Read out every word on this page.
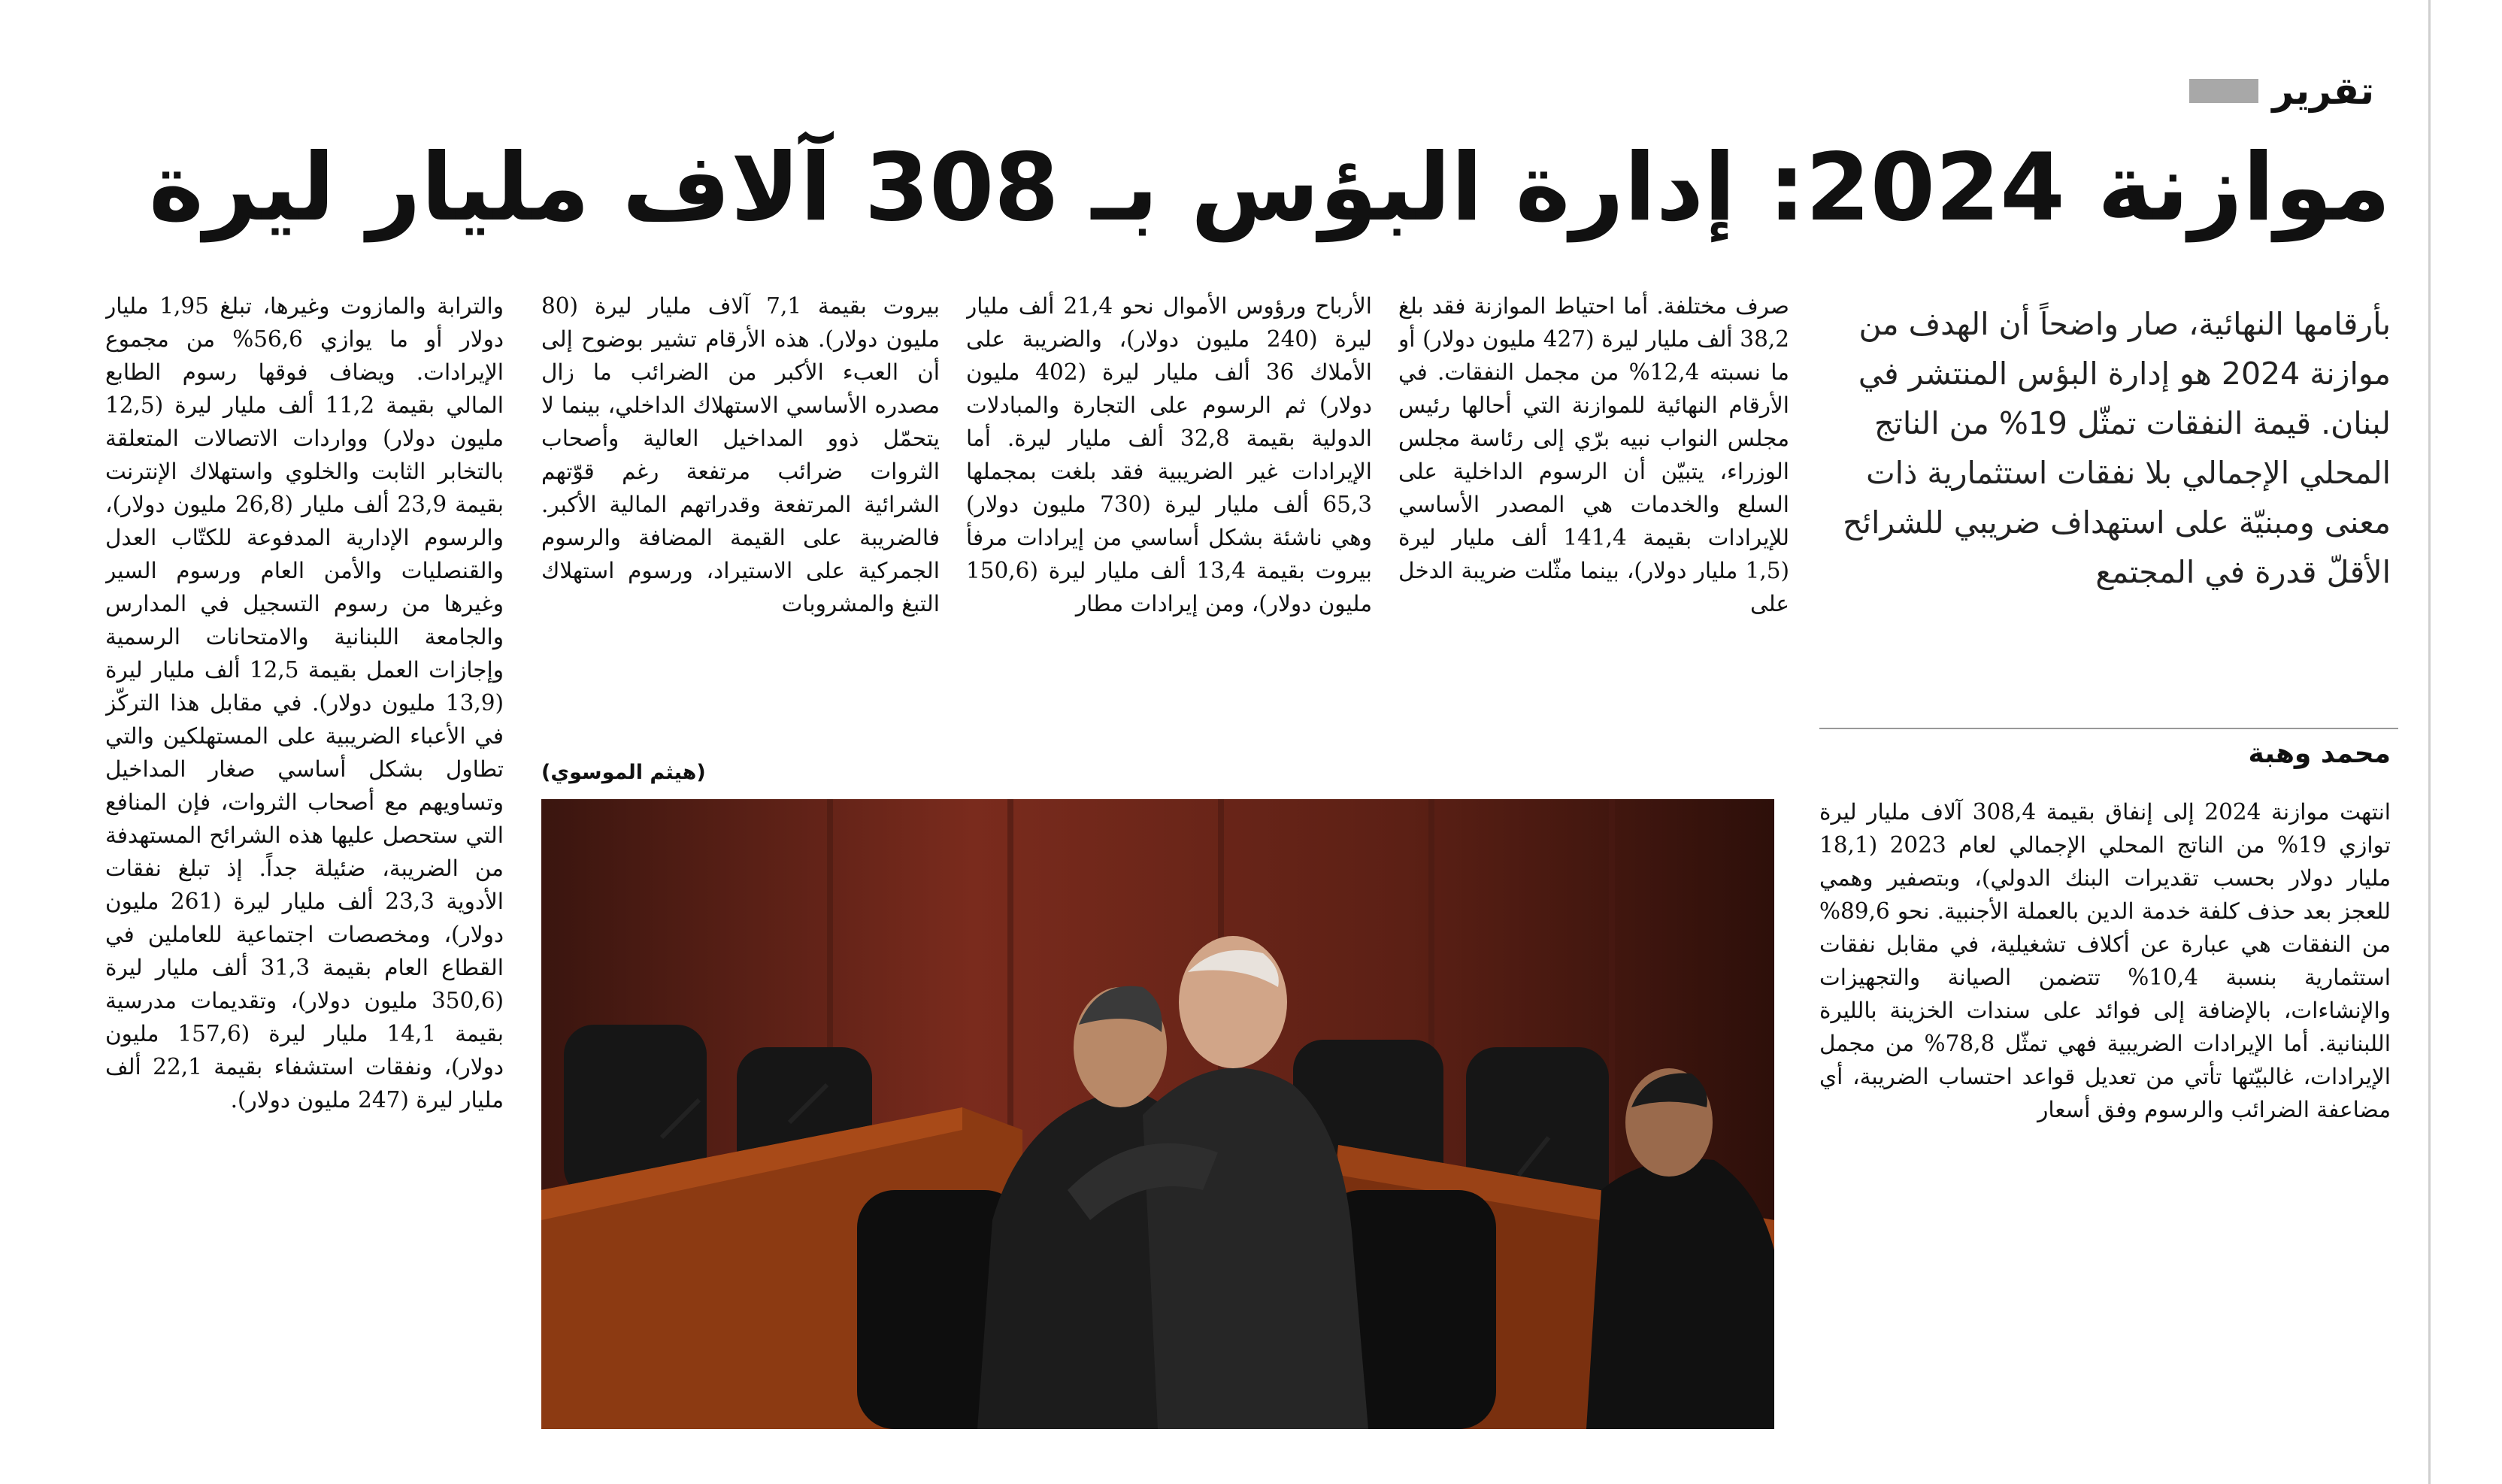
تقرير
موازنة 2024: إدارة البؤس بـ 308 آلاف مليار ليرة
بأرقامها النهائية، صار واضحاً أن الهدف من موازنة 2024 هو إدارة البؤس المنتشر في لبنان. قيمة النفقات تمثّل 19% من الناتج المحلي الإجمالي بلا نفقات استثمارية ذات معنى ومبنيّة على استهداف ضريبي للشرائح الأقلّ قدرة في المجتمع
محمد وهبة

انتهت موازنة 2024 إلى إنفاق بقيمة 308,4 آلاف مليار ليرة توازي 19% من الناتج المحلي الإجمالي لعام 2023 (18,1 مليار دولار بحسب تقديرات البنك الدولي)، وبتصفير وهمي للعجز بعد حذف كلفة خدمة الدين بالعملة الأجنبية. نحو 89,6% من النفقات هي عبارة عن أكلاف تشغيلية، في مقابل نفقات استثمارية بنسبة 10,4% تتضمن الصيانة والتجهيزات والإنشاءات، بالإضافة إلى فوائد على سندات الخزينة بالليرة اللبنانية. أما الإيرادات الضريبية فهي تمثّل 78,8% من مجمل الإيرادات، غالبيّتها تأتي من تعديل قواعد احتساب الضريبة، أي مضاعفة الضرائب والرسوم وفق أسعار

صرف مختلفة. أما احتياط الموازنة فقد بلغ 38,2 ألف مليار ليرة (427 مليون دولار) أو ما نسبته 12,4% من مجمل النفقات. في الأرقام النهائية للموازنة التي أحالها رئيس مجلس النواب نبيه برّي إلى رئاسة مجلس الوزراء، يتبيّن أن الرسوم الداخلية على السلع والخدمات هي المصدر الأساسي للإيرادات بقيمة 141,4 ألف مليار ليرة (1,5 مليار دولار)، بينما مثّلت ضريبة الدخل على

الأرباح ورؤوس الأموال نحو 21,4 ألف مليار ليرة (240 مليون دولار)، والضريبة على الأملاك 36 ألف مليار ليرة (402 مليون دولار) ثم الرسوم على التجارة والمبادلات الدولية بقيمة 32,8 ألف مليار ليرة. أما الإيرادات غير الضريبية فقد بلغت بمجملها 65,3 ألف مليار ليرة (730 مليون دولار) وهي ناشئة بشكل أساسي من إيرادات مرفأ بيروت بقيمة 13,4 ألف مليار ليرة (150,6 مليون دولار)، ومن إيرادات مطار

بيروت بقيمة 7,1 آلاف مليار ليرة (80 مليون دولار). هذه الأرقام تشير بوضوح إلى أن العبء الأكبر من الضرائب ما زال مصدره الأساسي الاستهلاك الداخلي، بينما لا يتحمّل ذوو المداخيل العالية وأصحاب الثروات ضرائب مرتفعة رغم قوّتهم الشرائية المرتفعة وقدراتهم المالية الأكبر. فالضريبة على القيمة المضافة والرسوم الجمركية على الاستيراد، ورسوم استهلاك التبغ والمشروبات

والترابة والمازوت وغيرها، تبلغ 1,95 مليار دولار أو ما يوازي 56,6% من مجموع الإيرادات. ويضاف فوقها رسوم الطابع المالي بقيمة 11,2 ألف مليار ليرة (12,5 مليون دولار) وواردات الاتصالات المتعلقة بالتخابر الثابت والخلوي واستهلاك الإنترنت بقيمة 23,9 ألف مليار (26,8 مليون دولار)، والرسوم الإدارية المدفوعة للكتّاب العدل والقنصليات والأمن العام ورسوم السير وغيرها من رسوم التسجيل في المدارس والجامعة اللبنانية والامتحانات الرسمية وإجازات العمل بقيمة 12,5 ألف مليار ليرة (13,9 مليون دولار). في مقابل هذا التركّز في الأعباء الضريبية على المستهلكين والتي تطاول بشكل أساسي صغار المداخيل وتساويهم مع أصحاب الثروات، فإن المنافع التي ستحصل عليها هذه الشرائح المستهدفة من الضريبة، ضئيلة جداً. إذ تبلغ نفقات الأدوية 23,3 ألف مليار ليرة (261 مليون دولار)، ومخصصات اجتماعية للعاملين في القطاع العام بقيمة 31,3 ألف مليار ليرة (350,6 مليون دولار)، وتقديمات مدرسية بقيمة 14,1 مليار ليرة (157,6 مليون دولار)، ونفقات استشفاء بقيمة 22,1 ألف مليار ليرة (247 مليون دولار).

(هيثم الموسوي)
